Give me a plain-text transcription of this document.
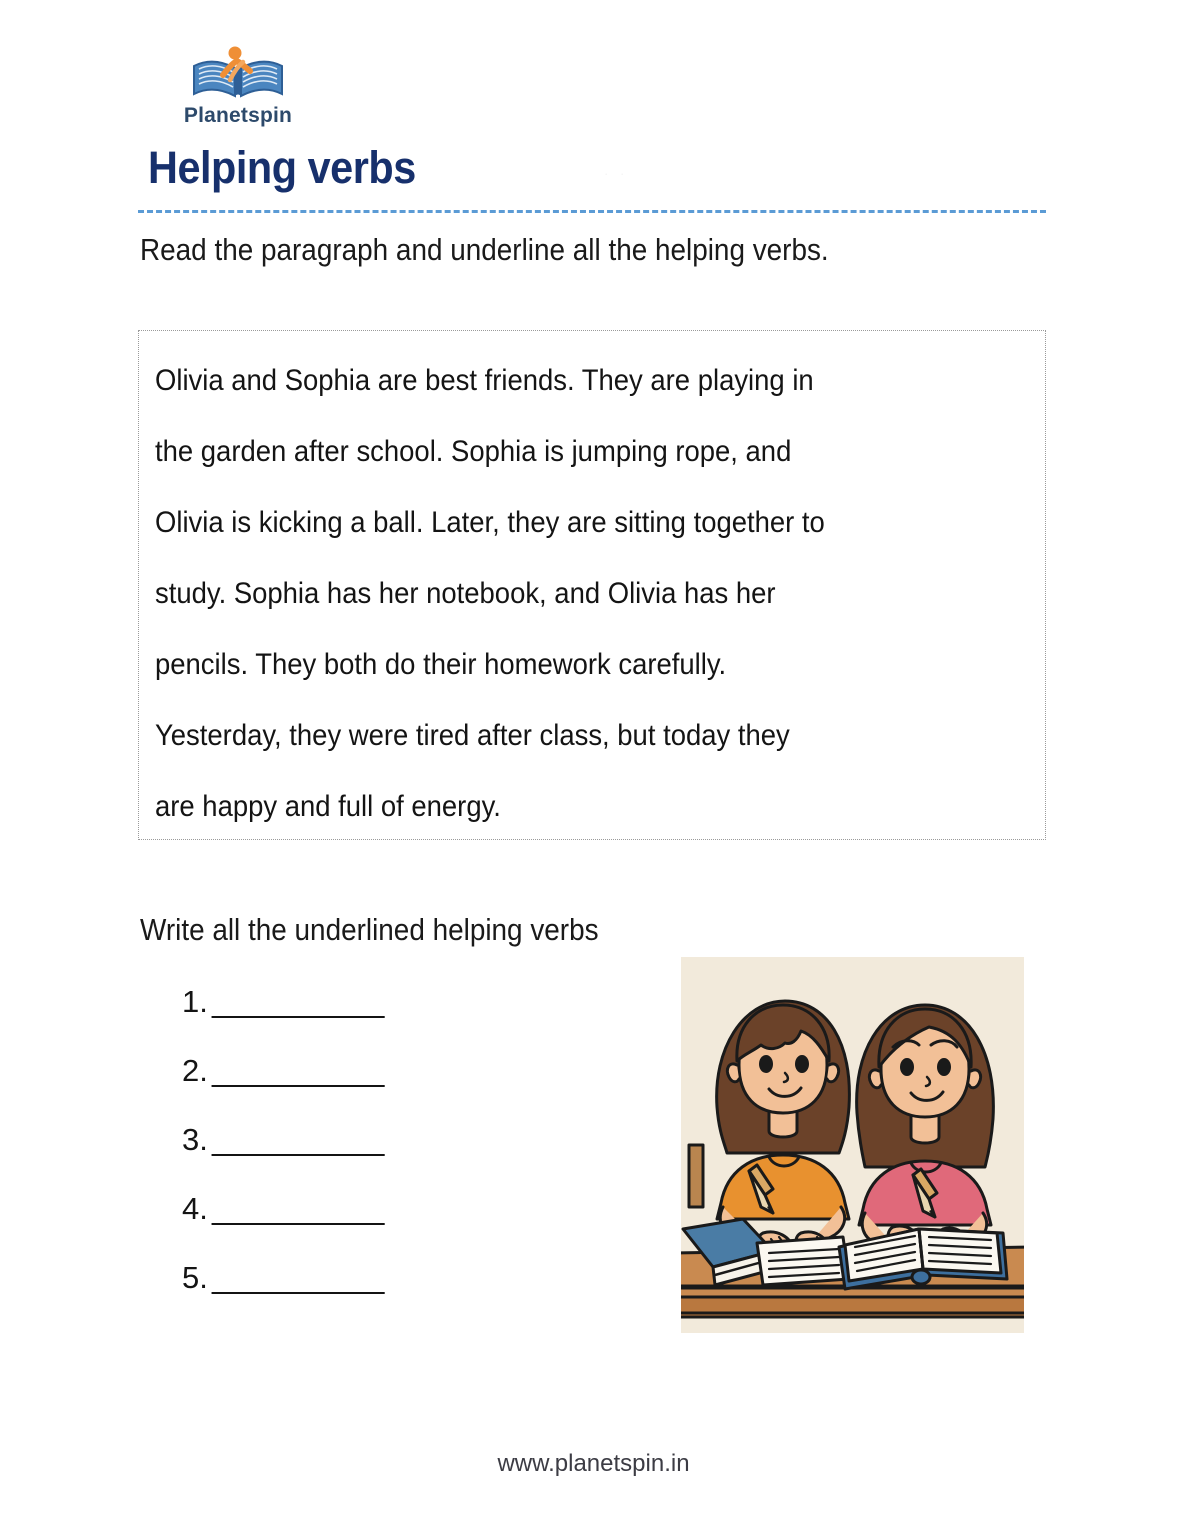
Planetspin
Helping verbs	· ·
Read the paragraph and underline all the helping verbs.

Olivia and Sophia are best friends. They are playing in

the garden after school. Sophia is jumping rope, and

Olivia is kicking a ball. Later, they are sitting together to

study. Sophia has her notebook, and Olivia has her

pencils. They both do their homework carefully.

Yesterday, they were tired after class, but today they

are happy and full of energy.

Write all the underlined helping verbs
1. __________
2. __________
3. __________
4. __________
5. __________
www.planetspin.in
